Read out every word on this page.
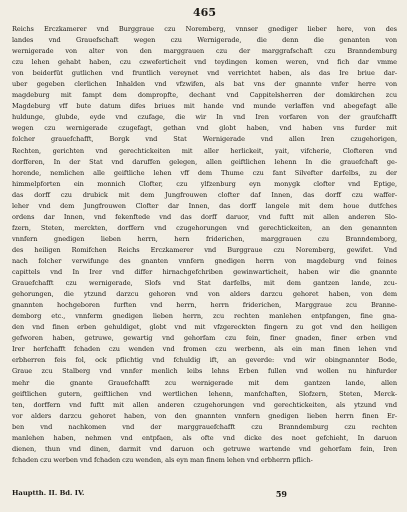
465
Reichs Erczkamerer vnd Burggraue czu Noremberg, vnnser gnediger lieber here, von des
landes vnd Grauefschaft wegen czu Wernigerade, die denn die genanten von
wernigerade von alter von den marggrauen czu der marggrafschaft czu Branndemburg
czu lehen gehabt haben, czu czweferticheit vnd teydingen komen weren, vnd fich dar vmme
von beiderfüt gutlichen vnd fruntlich vereynet vnd verrichtet haben, als das Ire briue dar-
uber gegeben clerlichen Inhalden vnd vfzwifen, als bat vns der gnannte vnfer herre von
magdeburg mit fampt dem dompropfte, dechant vnd Cappitelsherren der domkirchen zcu
Magdeburg vff bute datum difes briues mit hande vnd munde verlaffen vnd abegefagt alle
huldunge, glubde, eyde vnd czufage, die wir In vnd Iren vorfaren von der graufchafft
wegen czu wernigerade czugefagt, gethan vnd globt haben, vnd haben vns furder mit
folcher grauefchafft, Borgk vnd Stat Wernigerade vnd allen Iren czugehorigen,
Rechten, gerichten vnd gerechtickeiten mit aller herlickeit, yait, vifcherie, Clofteren vnd
dorfferen, In der Stat vnd daruffen gelegen, allen geiftlichen lehenn In die grauefchaft ge-
horende, nemlichen alle geiftliche lehen vff dem Thume czu fant Silvefter darfelbs, zu der
himmelpforten ein monnich Clofter, czu ylfzenburg eyn monygk clofter vnd Eptige,
das dorff czu drubick mit dem Jungfrouwen clofter daf Innen, das dorff czu waffer-
leher vnd dem Jungfrouwen Clofter dar Innen, das dorff langele mit dem houe dutfches
ordens dar Innen, vnd fekenftede vnd das dorff daruor, vnd fuftt mit allen anderen Slo-
fzern, Steten, merckten, dorffern vnd czugehorungen vnd gerechtickeiten, an den genannten
vnnfern gnedigen lieben herrn, hern friderichen, marggrauen czu Branndemborg,
des heiligen Romifchen Reichs Erczkamerer vnd Burggraue czu Noremberg, gewifet. Vnd
nach folcher verwifunge des gnanten vnnfern gnedigen herrn von magdeburg vnd feines
capittels vnd In Irer vnd differ hirnachgefchriben gewinwarticheit, haben wir die gnannte
Grauefchafft czu wernigerade, Slofs vnd Stat darfelbs, mit dem gantzen lande, zcu-
gehorungen, die ytzund darzcu gehoren vnd von alders darzcu gehoret haben, von dem
gnannten hochgeboren furften vnd herrn, herrn friderichen, Marggraue zcu Branne-
demborg etc., vnnferm gnedigen lieben herrn, zcu rechten manlehen entpfangen, fine gna-
den vnd finen erben gehuldiget, globt vnd mit vfzgereckten fingern zu got vnd den heiligen
gefworen haben, getruwe, gewartig vnd gehorfam czu fein, finer gnaden, finer erben vnd
Irer herfchafft fchaden czu wenden vnd fromen czu werbenn, als ein man finen lehen vnd
erbherren feis fol, ock pflichtig vnd fchuldig ift, an geverde: vnd wir obingnannter Bode,
Graue zcu Stalberg vnd vnnfer menlich leibs lehns Erben fullen vnd wollen nu hinfurder
mehr die gnante Grauefchafft zcu wernigerade mit dem gantzen lande, allen
geiftlichen gutern, geiftlichen vnd wertlichen lehenn, manfchaften, Slofzern, Steten, Merck-
ten, dorffern vnd fuftt mit allen anderen czugehorungen vnd gerechtickeiten, als ytzund vnd
vor alders darzcu gehoret haben, von den gnannten vnnfern gnedigen lieben herrn finen Er-
ben vnd nachkomen vnd der marggrauefchafft czu Branndemburg czu rechten
manlehen haben, nehmen vnd entpfaen, als ofte vnd dicke des noet gefchieht, In daruon
dienen, thun vnd dinen, darmit vnd daruon och getruwe wartende vnd gehorfam fein, Iren
fchaden czu werben vnd fchaden czu wenden, als eyn man finem lehen vnd erbherrn pflich-
Hauptth. II. Bd. IV.	59
